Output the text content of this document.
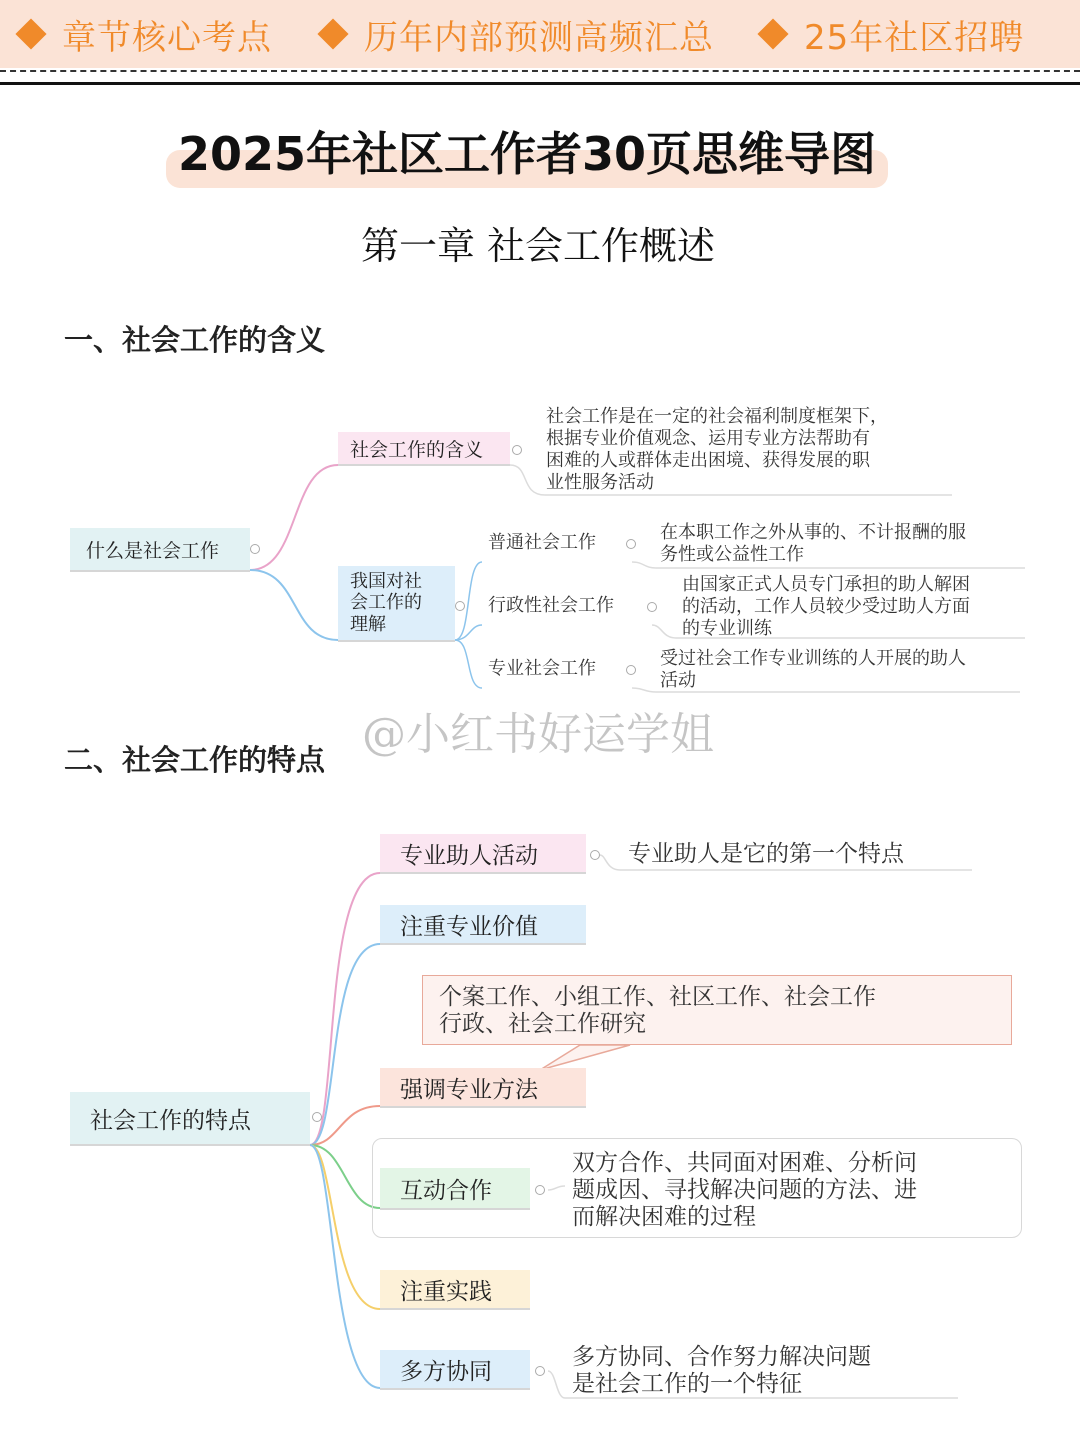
章节核心考点	历年内部预测高频汇总	25年社区招聘
2025年社区工作者30页思维导图
第一章 社会工作概述
一、社会工作的含义
什么是社会工作
社会工作的含义
社会工作是在一定的社会福利制度框架下，
根据专业价值观念、运用专业方法帮助有
困难的人或群体走出困境、获得发展的职
业性服务活动
我国对社
会工作的
理解
普通社会工作	在本职工作之外从事的、不计报酬的服
务性或公益性工作
行政性社会工作
由国家正式人员专门承担的助人解困
的活动，工作人员较少受过助人方面
的专业训练
专业社会工作	受过社会工作专业训练的人开展的助人
活动
@小红书好运学姐
二、社会工作的特点
社会工作的特点
专业助人活动	专业助人是它的第一个特点
注重专业价值
个案工作、小组工作、社区工作、社会工作
行政、社会工作研究
强调专业方法
互动合作
双方合作、共同面对困难、分析问
题成因、寻找解决问题的方法、进
而解决困难的过程
注重实践
多方协同
多方协同、合作努力解决问题
是社会工作的一个特征
